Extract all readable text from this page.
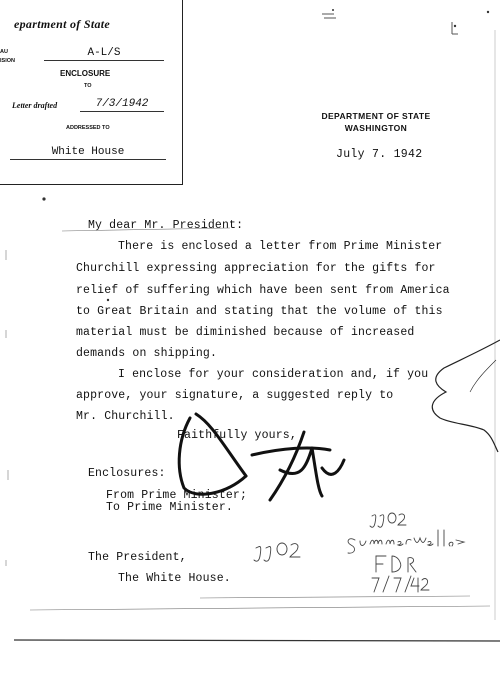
epartment of State
AU
ISION
A-L/S
ENCLOSURE
TO
Letter drafted	7/3/1942
ADDRESSED TO
White House
DEPARTMENT OF STATE
WASHINGTON
July 7. 1942
My dear Mr. President:
There is enclosed a letter from Prime Minister
Churchill expressing appreciation for the gifts for
relief of suffering which have been sent from America
to Great Britain and stating that the volume of this
material must be diminished because of increased
demands on shipping.
I enclose for your consideration and, if you
approve, your signature, a suggested reply to
Mr. Churchill.
Faithfully yours,
Enclosures:
From Prime Minister;
To Prime Minister.
The President,
The White House.
